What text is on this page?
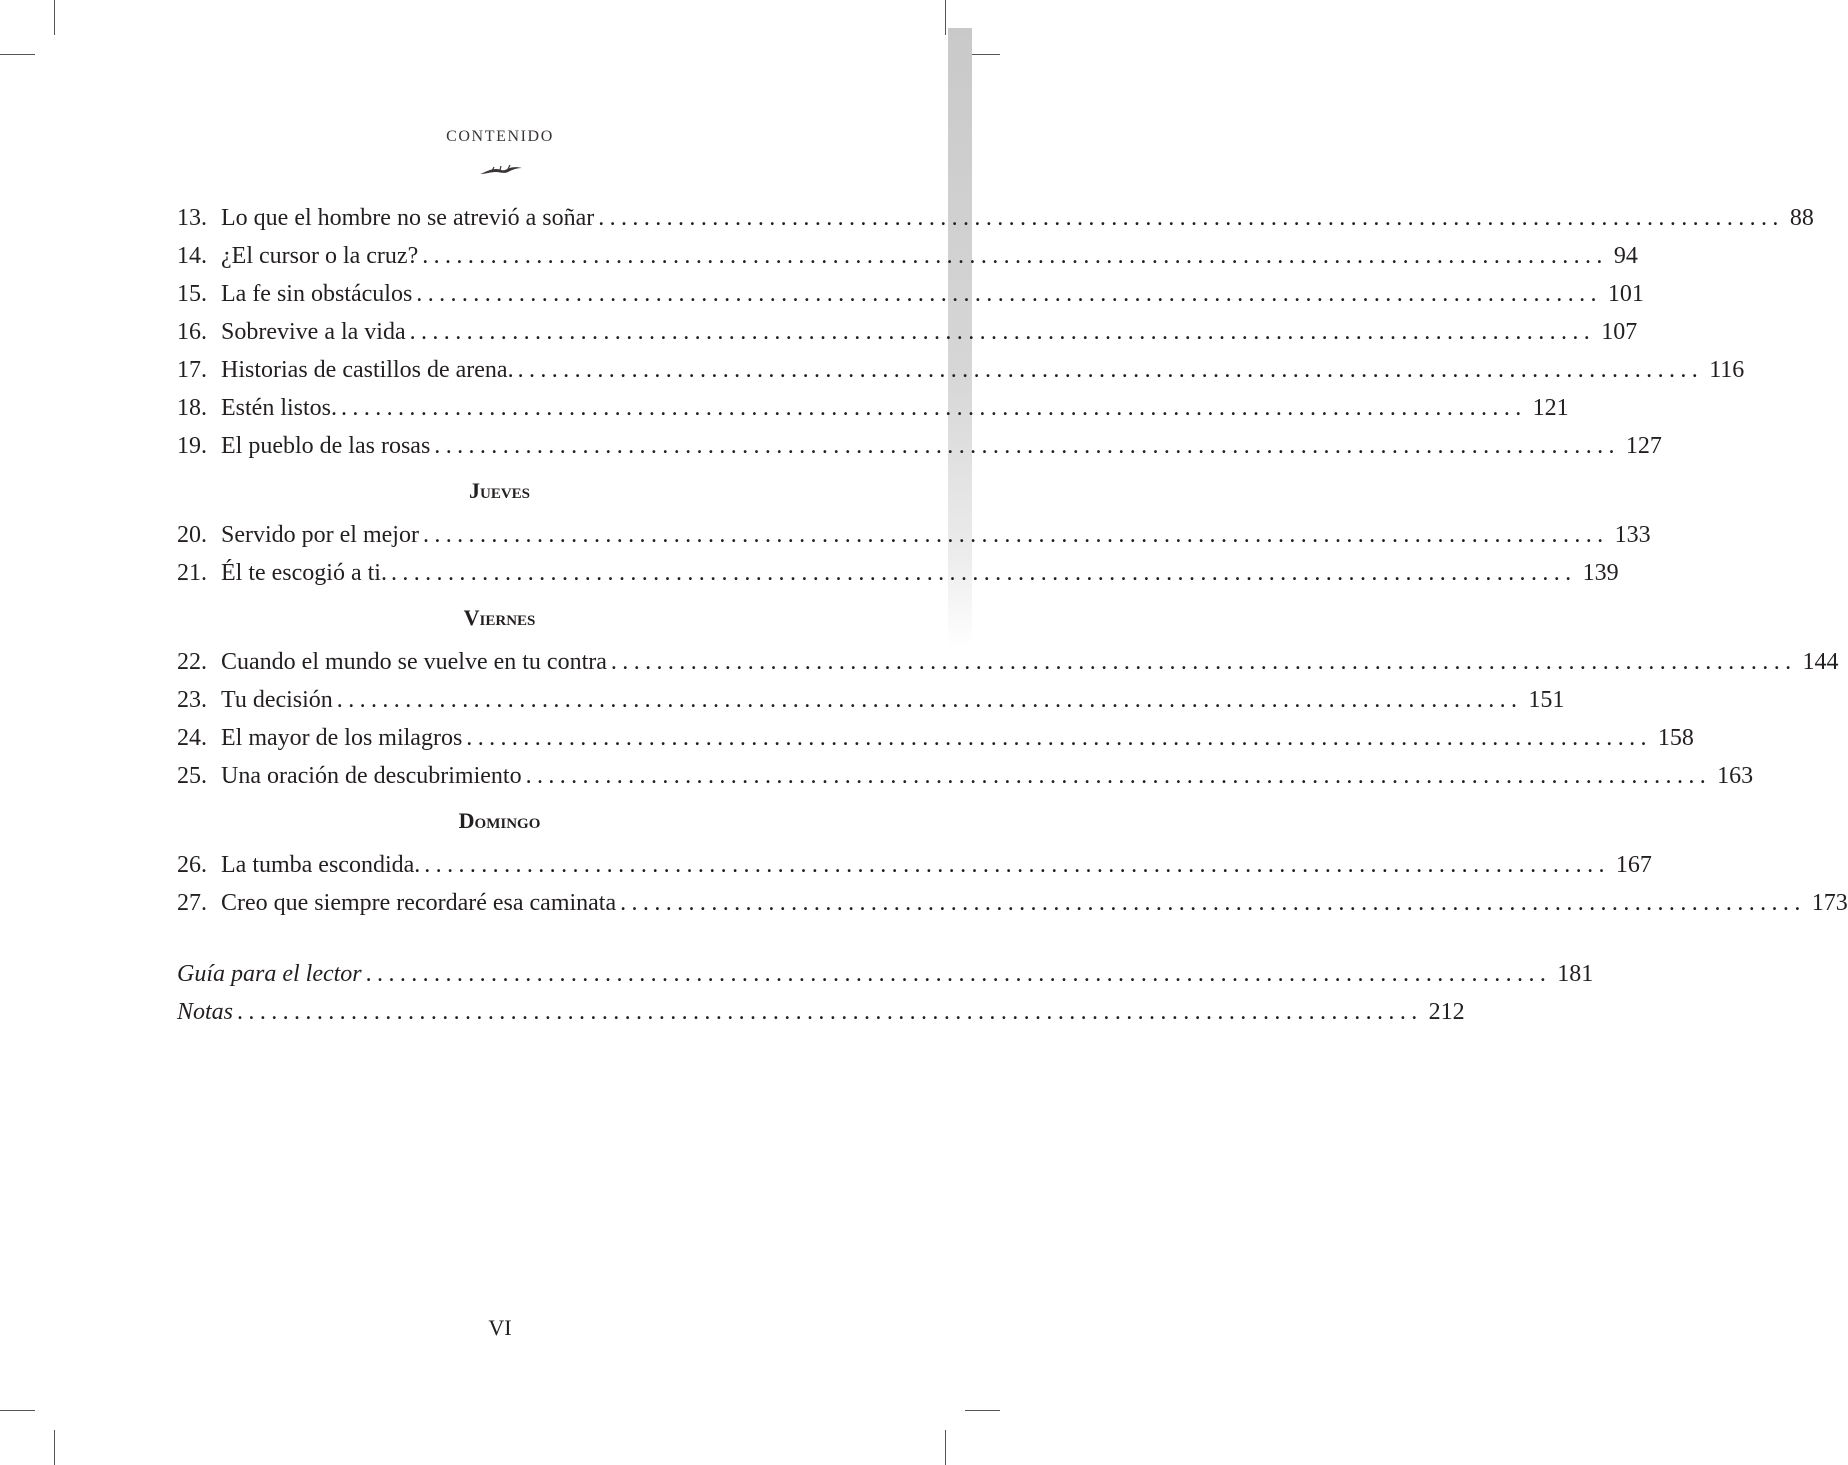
CONTENIDO
13. Lo que el hombre no se atrevió a soñar ........................................................................................................ 88
14. ¿El cursor o la cruz? ........................................................................................................ 94
15. La fe sin obstáculos ........................................................................................................ 101
16. Sobrevive a la vida ........................................................................................................ 107
17. Historias de castillos de arena. ........................................................................................................ 116
18. Estén listos. ........................................................................................................ 121
19. El pueblo de las rosas ........................................................................................................ 127
Jueves
20. Servido por el mejor ........................................................................................................ 133
21. Él te escogió a ti. ........................................................................................................ 139
Viernes
22. Cuando el mundo se vuelve en tu contra ........................................................................................................ 144
23. Tu decisión ........................................................................................................ 151
24. El mayor de los milagros ........................................................................................................ 158
25. Una oración de descubrimiento ........................................................................................................ 163
Domingo
26. La tumba escondida. ........................................................................................................ 167
27. Creo que siempre recordaré esa caminata ........................................................................................................ 173
Guía para el lector ........................................................................................................ 181
Notas ........................................................................................................ 212
VI
